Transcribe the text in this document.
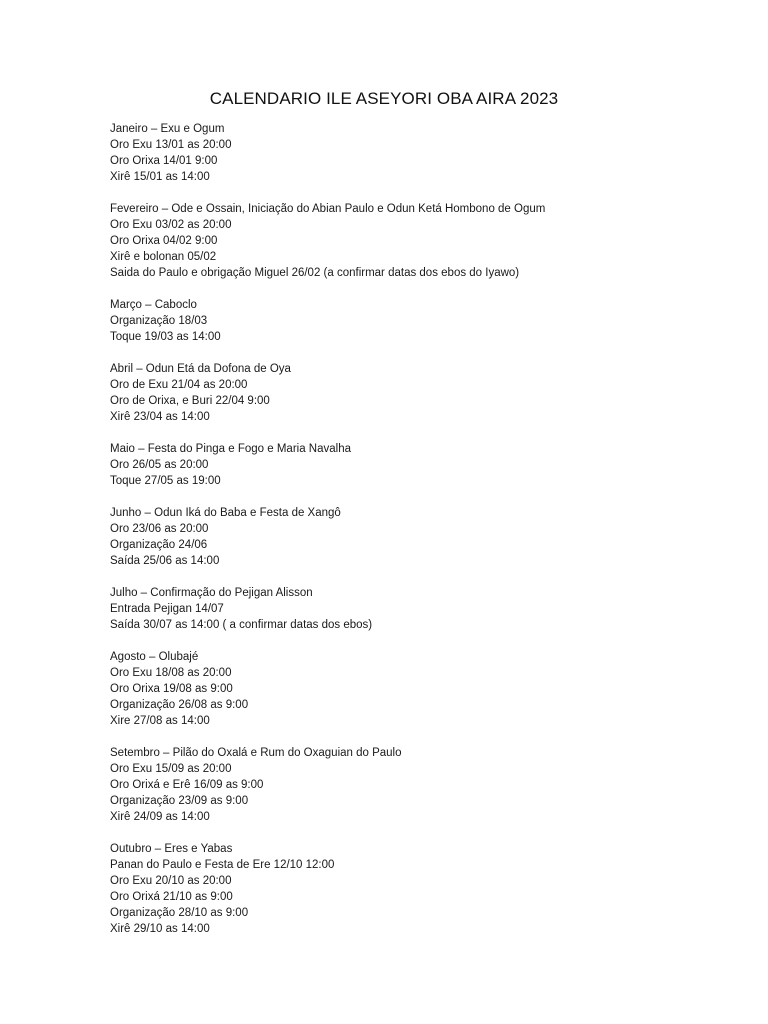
CALENDARIO ILE ASEYORI OBA AIRA 2023
Janeiro – Exu e Ogum
Oro Exu 13/01 as 20:00
Oro Orixa 14/01 9:00
Xirê 15/01 as 14:00
Fevereiro – Ode e Ossain, Iniciação do Abian Paulo e Odun Ketá Hombono de Ogum
Oro Exu 03/02 as 20:00
Oro Orixa 04/02 9:00
Xirê e bolonan 05/02
Saida do Paulo e obrigação Miguel 26/02 (a confirmar datas dos ebos do Iyawo)
Março – Caboclo
Organização 18/03
Toque 19/03 as 14:00
Abril – Odun Etá da Dofona de Oya
Oro de Exu 21/04 as 20:00
Oro de Orixa, e Buri 22/04 9:00
Xirê 23/04 as 14:00
Maio – Festa do Pinga e Fogo e Maria Navalha
Oro 26/05 as 20:00
Toque 27/05 as 19:00
Junho – Odun Iká do Baba e Festa de Xangô
Oro 23/06 as 20:00
Organização 24/06
Saída 25/06 as 14:00
Julho – Confirmação do Pejigan Alisson
Entrada Pejigan 14/07
Saída 30/07 as 14:00 ( a confirmar datas dos ebos)
Agosto – Olubajé
Oro Exu 18/08 as 20:00
Oro Orixa 19/08 as 9:00
Organização 26/08 as 9:00
Xire 27/08 as 14:00
Setembro – Pilão do Oxalá e Rum do Oxaguian do Paulo
Oro Exu 15/09 as 20:00
Oro Orixá e Erê 16/09 as 9:00
Organização 23/09 as 9:00
Xirê 24/09 as 14:00
Outubro – Eres e Yabas
Panan do Paulo e Festa de Ere 12/10 12:00
Oro Exu 20/10 as 20:00
Oro Orixá 21/10 as 9:00
Organização 28/10 as 9:00
Xirê 29/10 as 14:00
